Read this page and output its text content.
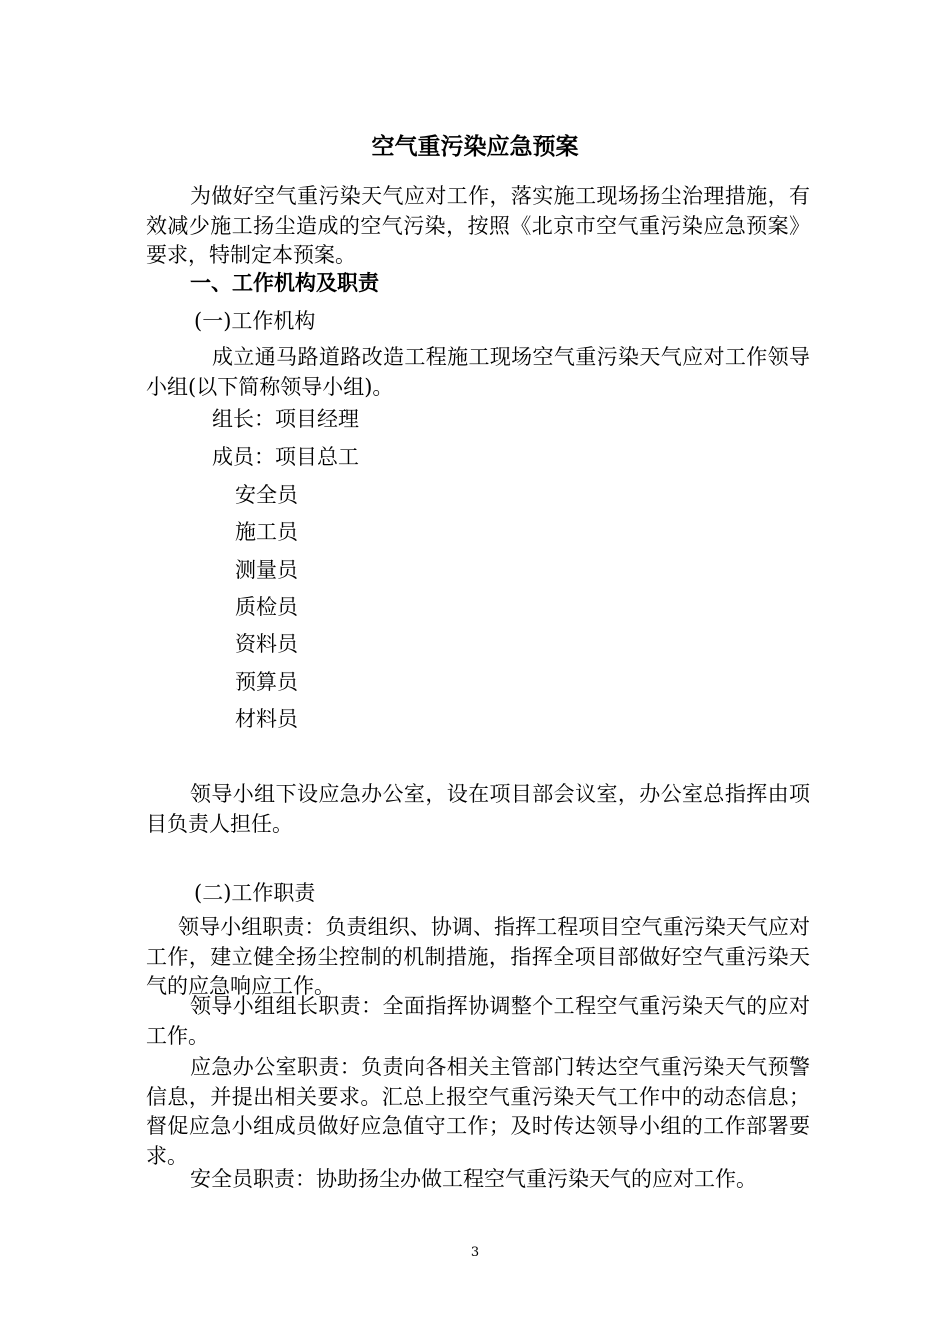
空气重污染应急预案

为做好空气重污染天气应对工作，落实施工现场扬尘治理措施，有效减少施工扬尘造成的空气污染，按照《北京市空气重污染应急预案》要求，特制定本预案。

一、工作机构及职责

(一)工作机构

成立通马路道路改造工程施工现场空气重污染天气应对工作领导小组(以下简称领导小组)。

组长：项目经理

成员：项目总工

安全员

施工员

测量员

质检员

资料员

预算员

材料员

领导小组下设应急办公室，设在项目部会议室，办公室总指挥由项目负责人担任。

(二)工作职责

领导小组职责：负责组织、协调、指挥工程项目空气重污染天气应对工作，建立健全扬尘控制的机制措施，指挥全项目部做好空气重污染天气的应急响应工作。

领导小组组长职责：全面指挥协调整个工程空气重污染天气的应对工作。

应急办公室职责：负责向各相关主管部门转达空气重污染天气预警信息，并提出相关要求。汇总上报空气重污染天气工作中的动态信息；督促应急小组成员做好应急值守工作；及时传达领导小组的工作部署要求。

安全员职责：协助扬尘办做工程空气重污染天气的应对工作。

3
